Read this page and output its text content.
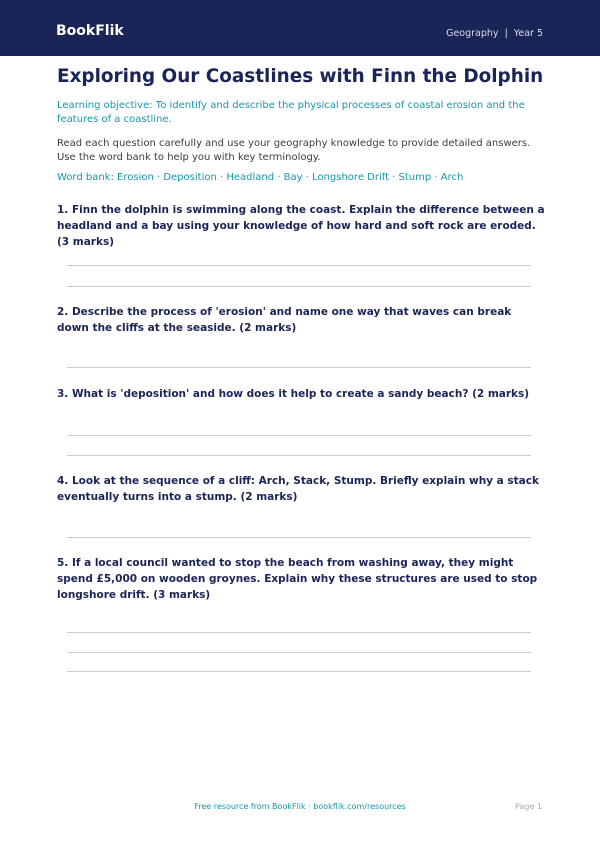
BookFlik	Geography  |  Year 5
Exploring Our Coastlines with Finn the Dolphin

Learning objective: To identify and describe the physical processes of coastal erosion and the features of a coastline.

Read each question carefully and use your geography knowledge to provide detailed answers. Use the word bank to help you with key terminology.

Word bank: Erosion · Deposition · Headland · Bay · Longshore Drift · Stump · Arch

1. Finn the dolphin is swimming along the coast. Explain the difference between a headland and a bay using your knowledge of how hard and soft rock are eroded. (3 marks)

2. Describe the process of 'erosion' and name one way that waves can break down the cliffs at the seaside. (2 marks)

3. What is 'deposition' and how does it help to create a sandy beach? (2 marks)

4. Look at the sequence of a cliff: Arch, Stack, Stump. Briefly explain why a stack eventually turns into a stump. (2 marks)

5. If a local council wanted to stop the beach from washing away, they might spend £5,000 on wooden groynes. Explain why these structures are used to stop longshore drift. (3 marks)

Free resource from BookFlik · bookflik.com/resources	Page 1
